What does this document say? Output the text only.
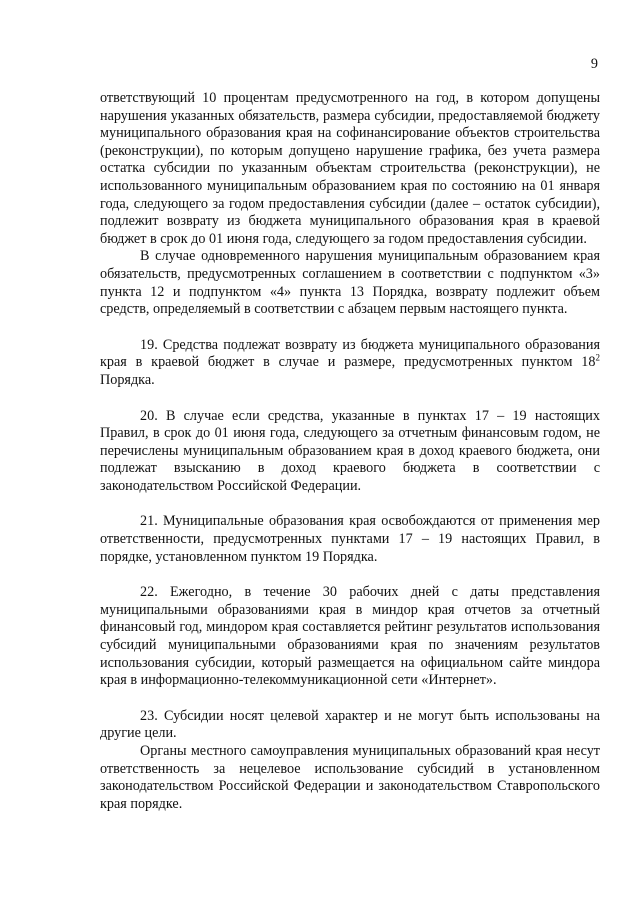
9

ответствующий 10 процентам предусмотренного на год, в котором допущены нарушения указанных обязательств, размера субсидии, предоставляемой бюджету муниципального образования края на софинансирование объектов строительства (реконструкции), по которым допущено нарушение графика, без учета размера остатка субсидии по указанным объектам строительства (реконструкции), не использованного муниципальным образованием края по состоянию на 01 января года, следующего за годом предоставления субсидии (далее – остаток субсидии), подлежит возврату из бюджета муниципального образования края в краевой бюджет в срок до 01 июня года, следующего за годом предоставления субсидии.

В случае одновременного нарушения муниципальным образованием края обязательств, предусмотренных соглашением в соответствии с подпунктом «3» пункта 12 и подпунктом «4» пункта 13 Порядка, возврату подлежит объем средств, определяемый в соответствии с абзацем первым настоящего пункта.

19. Средства подлежат возврату из бюджета муниципального образования края в краевой бюджет в случае и размере, предусмотренных пунктом $18^2$ Порядка.

20. В случае если средства, указанные в пунктах 17 – 19 настоящих Правил, в срок до 01 июня года, следующего за отчетным финансовым годом, не перечислены муниципальным образованием края в доход краевого бюджета, они подлежат взысканию в доход краевого бюджета в соответствии с законодательством Российской Федерации.

21. Муниципальные образования края освобождаются от применения мер ответственности, предусмотренных пунктами 17 – 19 настоящих Правил, в порядке, установленном пунктом 19 Порядка.

22. Ежегодно, в течение 30 рабочих дней с даты представления муниципальными образованиями края в миндор края отчетов за отчетный финансовый год, миндором края составляется рейтинг результатов использования субсидий муниципальными образованиями края по значениям результатов использования субсидии, который размещается на официальном сайте миндора края в информационно-телекоммуникационной сети «Интернет».

23. Субсидии носят целевой характер и не могут быть использованы на другие цели.

Органы местного самоуправления муниципальных образований края несут ответственность за нецелевое использование субсидий в установленном законодательством Российской Федерации и законодательством Ставропольского края порядке.
